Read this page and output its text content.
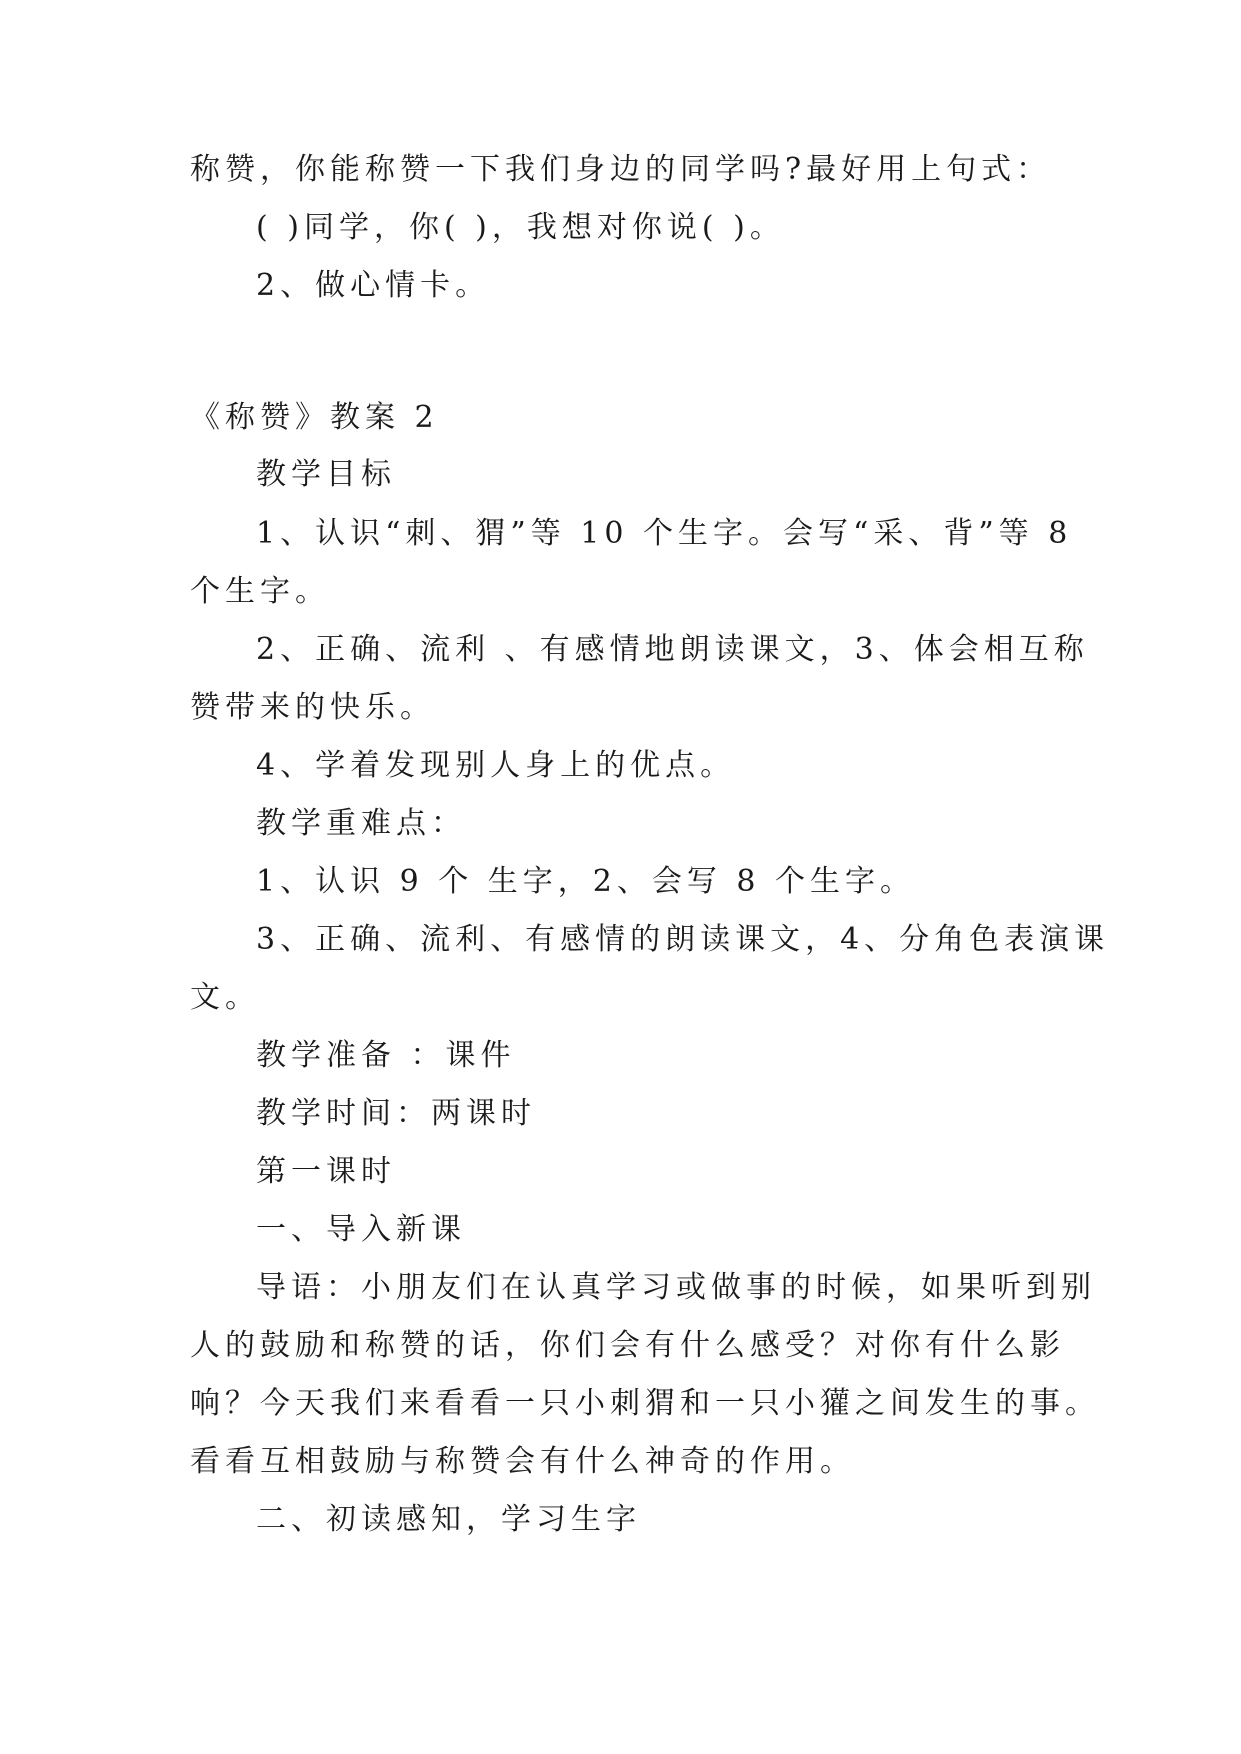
称赞，你能称赞一下我们身边的同学吗?最好用上句式：
( )同学，你( )，我想对你说( )。
2、做心情卡。
《称赞》教案 2
教学目标
1、认识“刺、猬”等 10 个生字。会写“采、背”等 8
个生字。
2、正确、流利 、有感情地朗读课文，3、体会相互称
赞带来的快乐。
4、学着发现别人身上的优点。
教学重难点：
1、认识 9 个 生字，2、会写 8 个生字。
3、正确、流利、有感情的朗读课文，4、分角色表演课
文。
教学准备 ：课件
教学时间：两课时
第一课时
一、导入新课
导语：小朋友们在认真学习或做事的时候，如果听到别
人的鼓励和称赞的话，你们会有什么感受？对你有什么影
响？今天我们来看看一只小刺猬和一只小獾之间发生的事。
看看互相鼓励与称赞会有什么神奇的作用。
二、初读感知，学习生字
